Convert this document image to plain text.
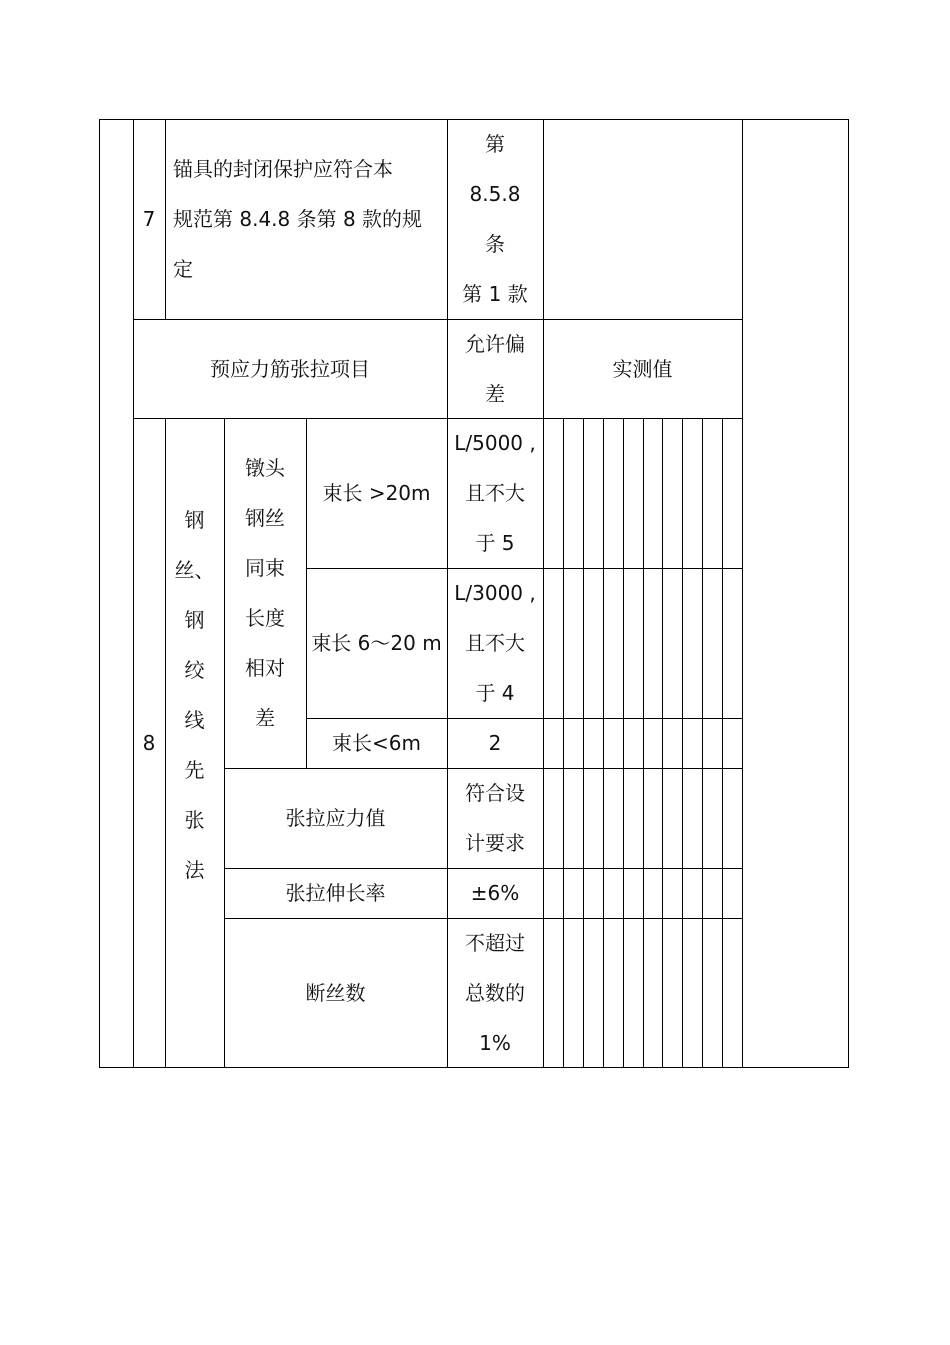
7
锚具的封闭保护应符合本
规范第 8.4.8 条第 8 款的规
定
第
8.5.8
条
第 1 款
预应力筋张拉项目
允许偏
差
实测值
8
钢
丝、
钢
绞
线
先
张
法
镦头
钢丝
同束
长度
相对
差
束长 >20m
L/5000 ,
且不大
于 5
束长 6～20 m
L/3000 ,
且不大
于 4
束长<6m	2
张拉应力值
符合设
计要求
张拉伸长率	±6%
断丝数
不超过
总数的
1%
